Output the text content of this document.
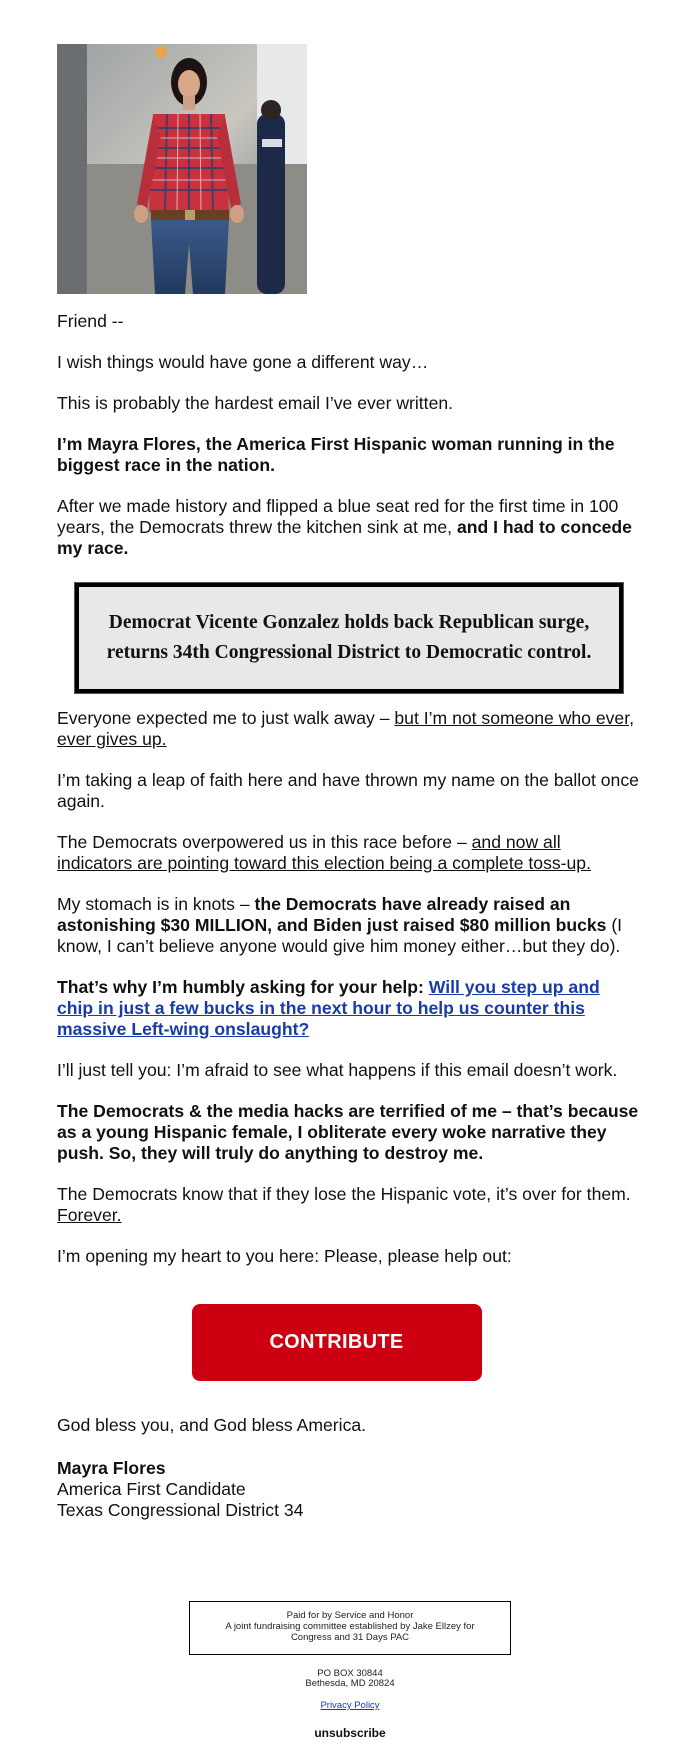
Friend --

I wish things would have gone a different way…

This is probably the hardest email I’ve ever written.

I’m Mayra Flores, the America First Hispanic woman running in the biggest race in the nation.

After we made history and flipped a blue seat red for the first time in 100 years, the Democrats threw the kitchen sink at me, and I had to concede my race.

Democrat Vicente Gonzalez holds back Republican surge, returns 34th Congressional District to Democratic control.

Everyone expected me to just walk away – but I’m not someone who ever, ever gives up.

I’m taking a leap of faith here and have thrown my name on the ballot once again.

The Democrats overpowered us in this race before – and now all indicators are pointing toward this election being a complete toss-up.

My stomach is in knots – the Democrats have already raised an astonishing $30 MILLION, and Biden just raised $80 million bucks (I know, I can’t believe anyone would give him money either…but they do).

That’s why I’m humbly asking for your help: Will you step up and chip in just a few bucks in the next hour to help us counter this massive Left-wing onslaught?

I’ll just tell you: I’m afraid to see what happens if this email doesn’t work.

The Democrats & the media hacks are terrified of me – that’s because as a young Hispanic female, I obliterate every woke narrative they push. So, they will truly do anything to destroy me.

The Democrats know that if they lose the Hispanic vote, it’s over for them. Forever.

I’m opening my heart to you here: Please, please help out:

CONTRIBUTE

God bless you, and God bless America.

Mayra Flores
America First Candidate
Texas Congressional District 34
Paid for by Service and Honor
A joint fundraising committee established by Jake Ellzey for Congress and 31 Days PAC
PO BOX 30844
Bethesda, MD 20824
Privacy Policy
unsubscribe
